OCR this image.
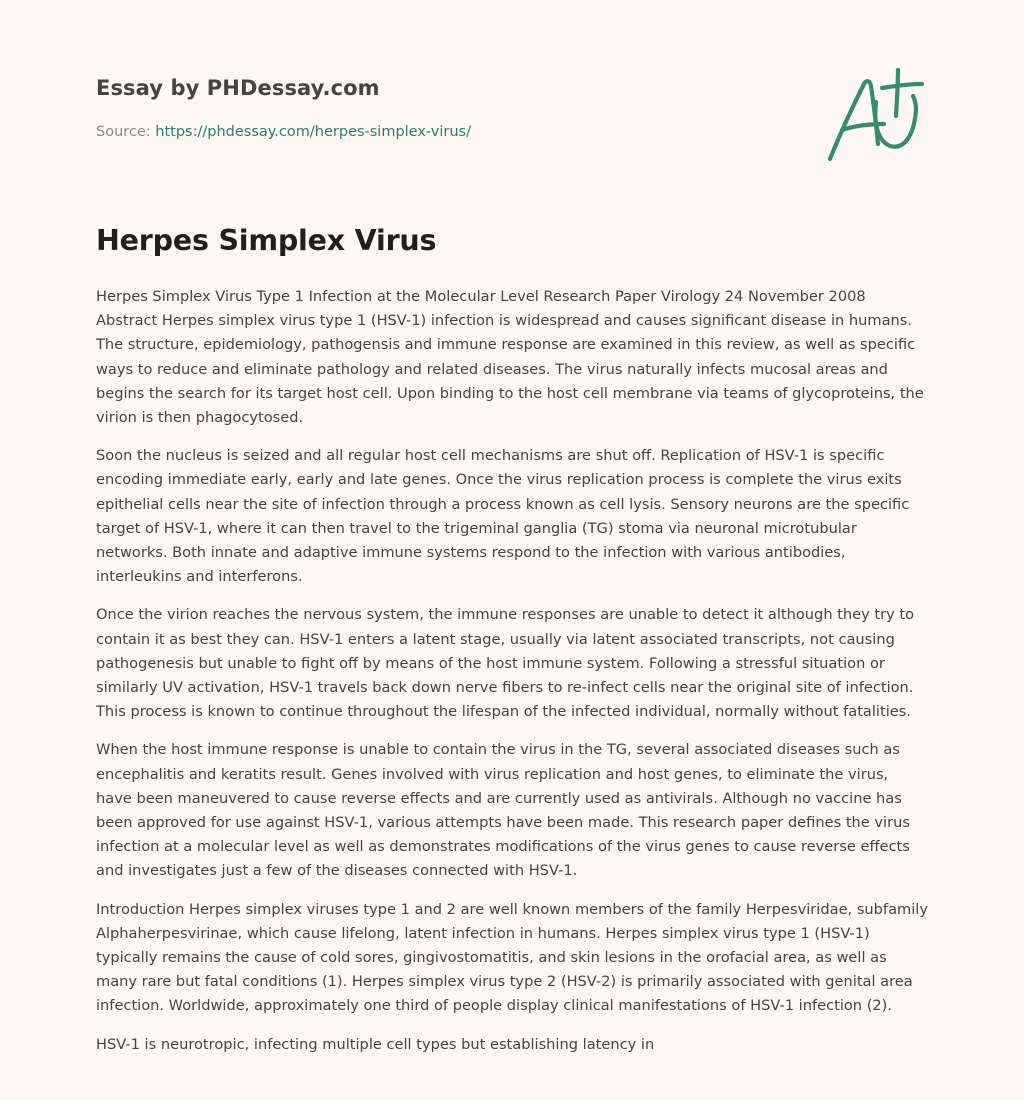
Essay by PHDessay.com
Source: https://phdessay.com/herpes-simplex-virus/
Herpes Simplex Virus

Herpes Simplex Virus Type 1 Infection at the Molecular Level Research Paper Virology 24 November 2008 Abstract Herpes simplex virus type 1 (HSV-1) infection is widespread and causes significant disease in humans. The structure, epidemiology, pathogensis and immune response are examined in this review, as well as specific ways to reduce and eliminate pathology and related diseases. The virus naturally infects mucosal areas and begins the search for its target host cell. Upon binding to the host cell membrane via teams of glycoproteins, the virion is then phagocytosed.

Soon the nucleus is seized and all regular host cell mechanisms are shut off. Replication of HSV-1 is specific encoding immediate early, early and late genes. Once the virus replication process is complete the virus exits epithelial cells near the site of infection through a process known as cell lysis. Sensory neurons are the specific target of HSV-1, where it can then travel to the trigeminal ganglia (TG) stoma via neuronal microtubular networks. Both innate and adaptive immune systems respond to the infection with various antibodies, interleukins and interferons.

Once the virion reaches the nervous system, the immune responses are unable to detect it although they try to contain it as best they can. HSV-1 enters a latent stage, usually via latent associated transcripts, not causing pathogenesis but unable to fight off by means of the host immune system. Following a stressful situation or similarly UV activation, HSV-1 travels back down nerve fibers to re-infect cells near the original site of infection. This process is known to continue throughout the lifespan of the infected individual, normally without fatalities.

When the host immune response is unable to contain the virus in the TG, several associated diseases such as encephalitis and keratits result. Genes involved with virus replication and host genes, to eliminate the virus, have been maneuvered to cause reverse effects and are currently used as antivirals. Although no vaccine has been approved for use against HSV-1, various attempts have been made. This research paper defines the virus infection at a molecular level as well as demonstrates modifications of the virus genes to cause reverse effects and investigates just a few of the diseases connected with HSV-1.

Introduction Herpes simplex viruses type 1 and 2 are well known members of the family Herpesviridae, subfamily Alphaherpesvirinae, which cause lifelong, latent infection in humans. Herpes simplex virus type 1 (HSV-1) typically remains the cause of cold sores, gingivostomatitis, and skin lesions in the orofacial area, as well as many rare but fatal conditions (1). Herpes simplex virus type 2 (HSV-2) is primarily associated with genital area infection. Worldwide, approximately one third of people display clinical manifestations of HSV-1 infection (2).

HSV-1 is neurotropic, infecting multiple cell types but establishing latency in
